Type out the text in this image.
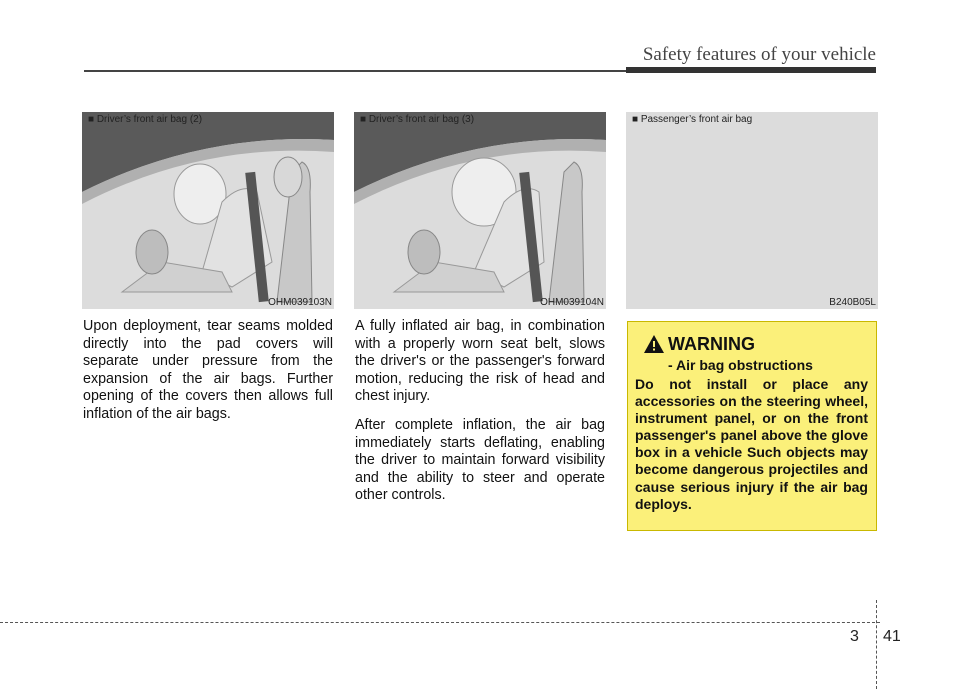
Safety features of your vehicle
■ Driver’s front air bag (2)
OHM039103N
■ Driver’s front air bag (3)
OHM039104N
■ Passenger’s front air bag
B240B05L

Upon deployment, tear seams molded directly into the pad covers will separate under pressure from the expansion of the air bags. Further opening of the covers then allows full inflation of the air bags.

A fully inflated air bag, in combination with a properly worn seat belt, slows the driver's or the passenger's forward motion, reducing the risk of head and chest injury.

After complete inflation, the air bag immediately starts deflating, enabling the driver to maintain forward visibility and the ability to steer and operate other controls.

WARNING
- Air bag obstructions

Do not install or place any accessories on the steering wheel, instrument panel, or on the front passenger's panel above the glove box in a vehicle Such objects may become dangerous projectiles and cause serious injury if the air bag deploys.

3 41
